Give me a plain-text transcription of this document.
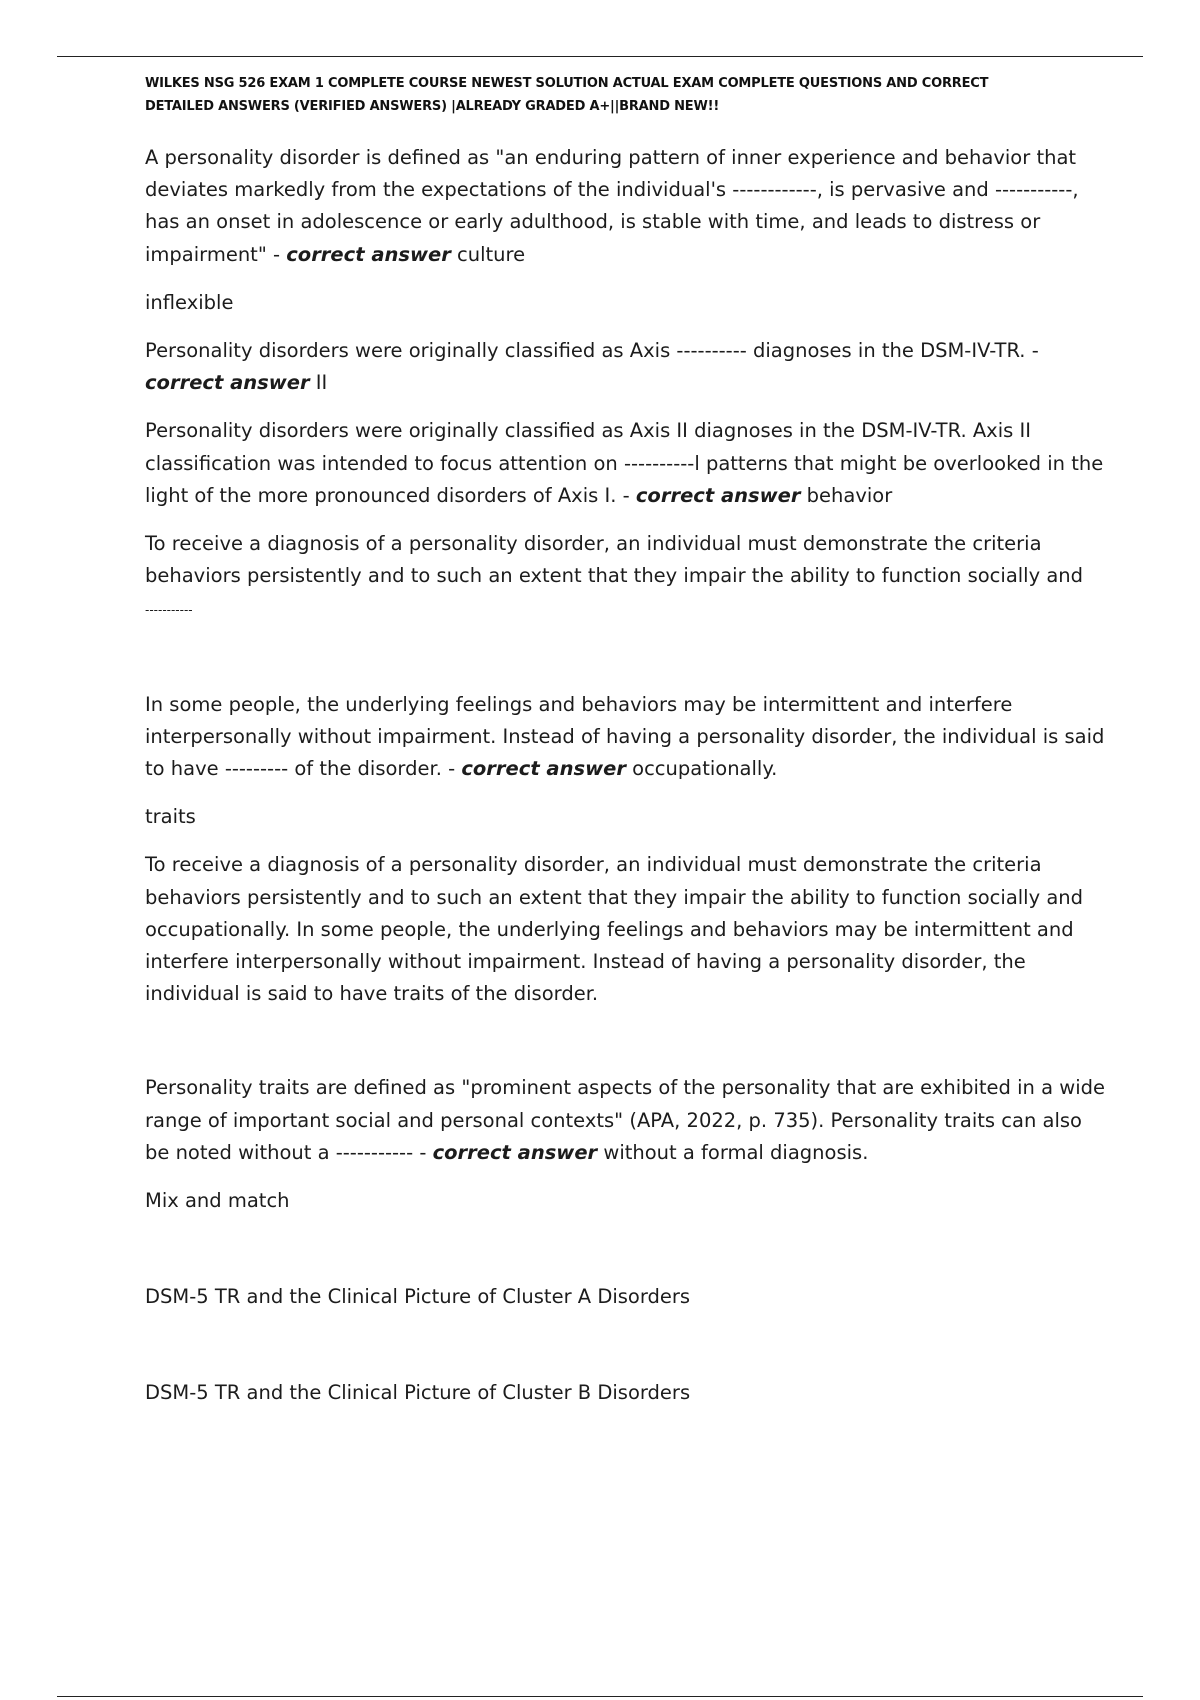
WILKES NSG 526 EXAM 1 COMPLETE COURSE NEWEST SOLUTION ACTUAL EXAM COMPLETE QUESTIONS AND CORRECT
DETAILED ANSWERS (VERIFIED ANSWERS) |ALREADY GRADED A+||BRAND NEW!!

A personality disorder is defined as "an enduring pattern of inner experience and behavior that deviates markedly from the expectations of the individual's ------------, is pervasive and -----------, has an onset in adolescence or early adulthood, is stable with time, and leads to distress or impairment" - correct answer culture

inflexible

Personality disorders were originally classified as Axis ---------- diagnoses in the DSM-IV-TR. - correct answer II

Personality disorders were originally classified as Axis II diagnoses in the DSM-IV-TR. Axis II classification was intended to focus attention on ----------l patterns that might be overlooked in the light of the more pronounced disorders of Axis I. - correct answer behavior

To receive a diagnosis of a personality disorder, an individual must demonstrate the criteria behaviors persistently and to such an extent that they impair the ability to function socially and
-----------

In some people, the underlying feelings and behaviors may be intermittent and interfere interpersonally without impairment. Instead of having a personality disorder, the individual is said to have --------- of the disorder. - correct answer occupationally.

traits

To receive a diagnosis of a personality disorder, an individual must demonstrate the criteria behaviors persistently and to such an extent that they impair the ability to function socially and occupationally. In some people, the underlying feelings and behaviors may be intermittent and interfere interpersonally without impairment. Instead of having a personality disorder, the individual is said to have traits of the disorder.

Personality traits are defined as "prominent aspects of the personality that are exhibited in a wide range of important social and personal contexts" (APA, 2022, p. 735). Personality traits can also be noted without a ----------- - correct answer without a formal diagnosis.

Mix and match

DSM-5 TR and the Clinical Picture of Cluster A Disorders

DSM-5 TR and the Clinical Picture of Cluster B Disorders
